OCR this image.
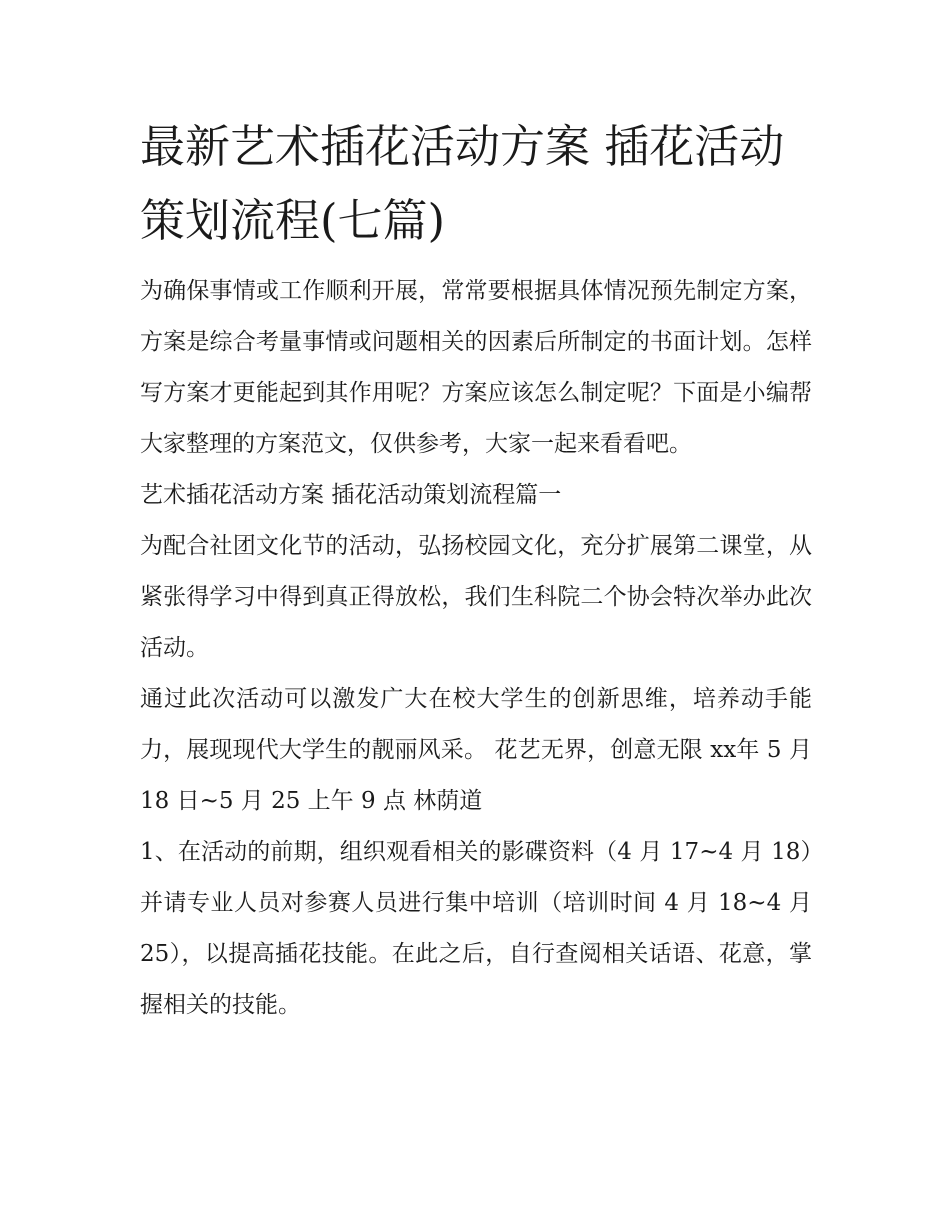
最新艺术插花活动方案 插花活动策划流程(七篇)

为确保事情或工作顺利开展，常常要根据具体情况预先制定方案，方案是综合考量事情或问题相关的因素后所制定的书面计划。怎样写方案才更能起到其作用呢？方案应该怎么制定呢？下面是小编帮大家整理的方案范文，仅供参考，大家一起来看看吧。

艺术插花活动方案 插花活动策划流程篇一

为配合社团文化节的活动，弘扬校园文化，充分扩展第二课堂，从紧张得学习中得到真正得放松，我们生科院二个协会特次举办此次活动。

通过此次活动可以激发广大在校大学生的创新思维，培养动手能力，展现现代大学生的靓丽风采。 花艺无界，创意无限 xx年 5 月 18 日~5 月 25 上午 9 点 林荫道

1、在活动的前期，组织观看相关的影碟资料（4 月 17~4 月 18）并请专业人员对参赛人员进行集中培训（培训时间 4 月 18~4 月 25），以提高插花技能。在此之后，自行查阅相关话语、花意，掌握相关的技能。
